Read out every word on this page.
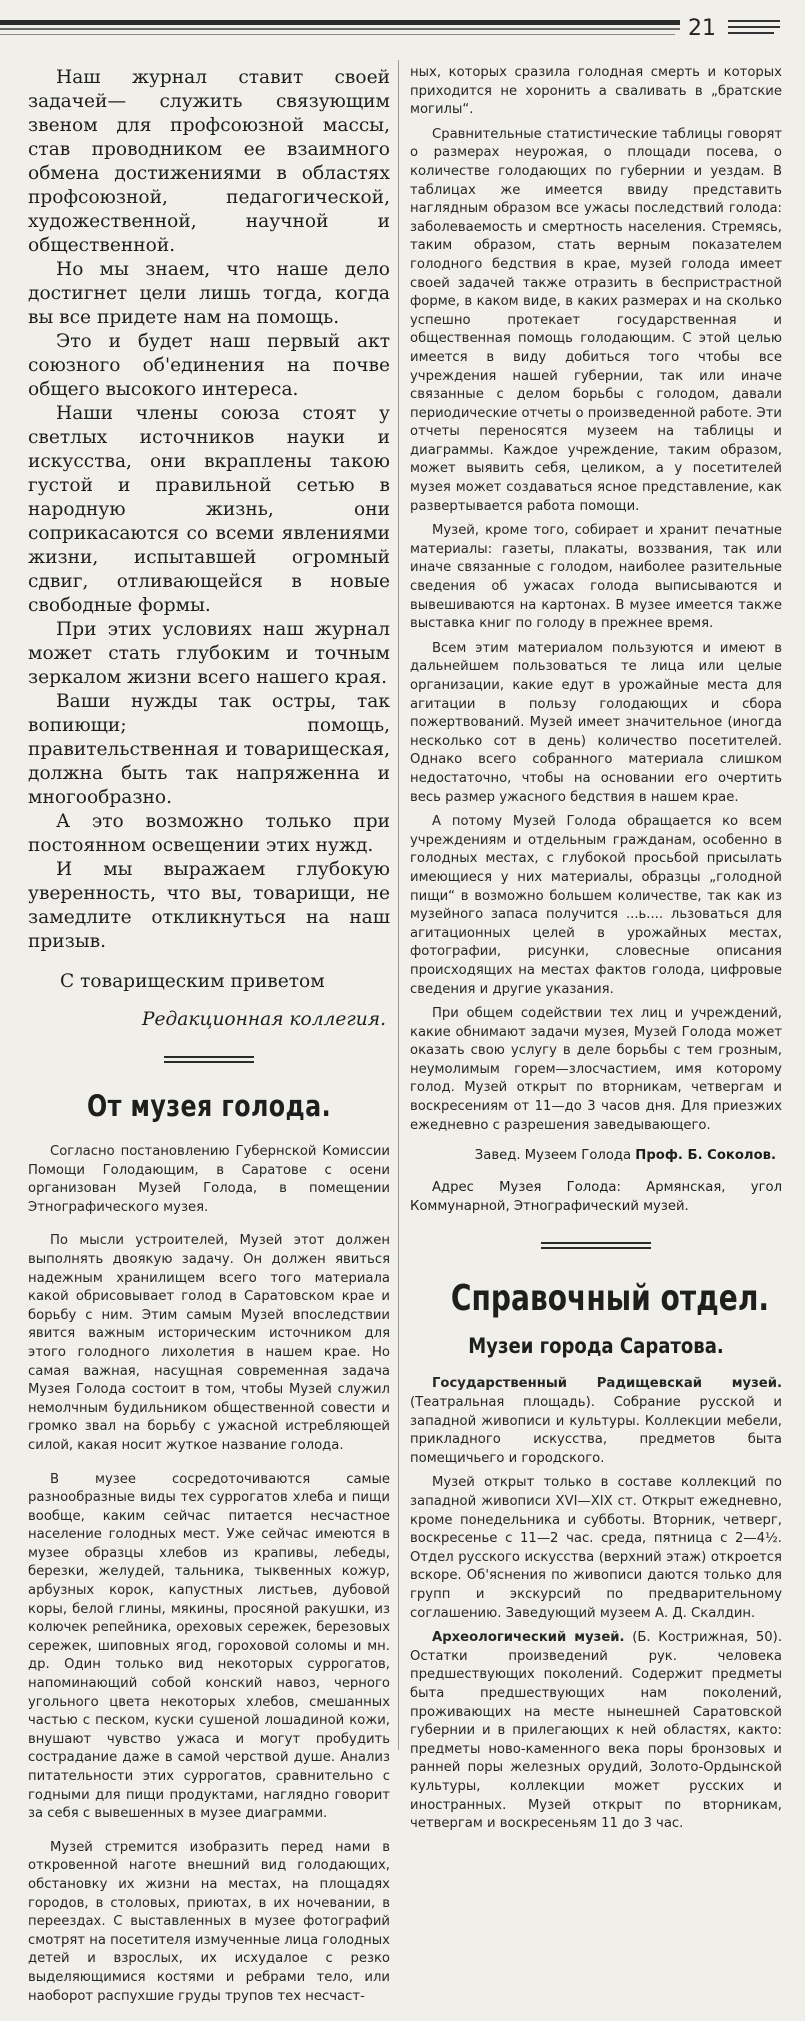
21

Наш журнал ставит своей задачей— служить связующим звеном для профсоюзной массы, став проводником ее взаимного обмена достижениями в областях профсоюзной, педагогической, художественной, научной и общественной.

Но мы знаем, что наше дело достигнет цели лишь тогда, когда вы все придете нам на помощь.

Это и будет наш первый акт союзного об'единения на почве общего высокого интереса.

Наши члены союза стоят у светлых источников науки и искусства, они вкраплены такою густой и правильной сетью в народную жизнь, они соприкасаются со всеми явлениями жизни, испытавшей огромный сдвиг, отливающейся в новые свободные формы.

При этих условиях наш журнал может стать глубоким и точным зеркалом жизни всего нашего края.

Ваши нужды так остры, так вопиющи; помощь, правительственная и товарищеская, должна быть так напряженна и многообразно.

А это возможно только при постоянном освещении этих нужд.

И мы выражаем глубокую уверенность, что вы, товарищи, не замедлите откликнуться на наш призыв.

С товарищеским приветом

Редакционная коллегия.

От музея голода.

Согласно постановлению Губернской Комиссии Помощи Голодающим, в Саратове с осени организован Музей Голода, в помещении Этнографического музея.

По мысли устроителей, Музей этот должен выполнять двоякую задачу. Он должен явиться надежным хранилищем всего того материала какой обрисовывает голод в Саратовском крае и борьбу с ним. Этим самым Музей впоследствии явится важным историческим источником для этого голодного лихолетия в нашем крае. Но самая важная, насущная современная задача Музея Голода состоит в том, чтобы Музей служил немолчным будильником общественной совести и громко звал на борьбу с ужасной истребляющей силой, какая носит жуткое название голода.

В музее сосредоточиваются самые разнообразные виды тех суррогатов хлеба и пищи вообще, каким сейчас питается несчастное население голодных мест. Уже сейчас имеются в музее образцы хлебов из крапивы, лебеды, березки, желудей, тальника, тыквенных кожур, арбузных корок, капустных листьев, дубовой коры, белой глины, мякины, просяной ракушки, из колючек репейника, ореховых сережек, березовых сережек, шиповных ягод, гороховой соломы и мн. др. Один только вид некоторых суррогатов, напоминающий собой конский навоз, черного угольного цвета некоторых хлебов, смешанных частью с песком, куски сушеной лошадиной кожи, внушают чувство ужаса и могут пробудить сострадание даже в самой черствой душе. Анализ питательности этих суррогатов, сравнительно с годными для пищи продуктами, наглядно говорит за себя с вывешенных в музее диаграмми.

Музей стремится изобразить перед нами в откровенной наготе внешний вид голодающих, обстановку их жизни на местах, на площадях городов, в столовых, приютах, в их ночевании, в переездах. С выставленных в музее фотографий смотрят на посетителя измученные лица голодных детей и взрослых, их исхудалое с резко выделяющимися костями и ребрами тело, или наоборот распухшие груды трупов тех несчаст-

ных, которых сразила голодная смерть и которых приходится не хоронить а сваливать в „братские могилы“.

Сравнительные статистические таблицы говорят о размерах неурожая, о площади посева, о количестве голодающих по губернии и уездам. В таблицах же имеется ввиду представить наглядным образом все ужасы последствий голода: заболеваемость и смертность населения. Стремясь, таким образом, стать верным показателем голодного бедствия в крае, музей голода имеет своей задачей также отразить в беспристрастной форме, в каком виде, в каких размерах и на сколько успешно протекает государственная и общественная помощь голодающим. С этой целью имеется в виду добиться того чтобы все учреждения нашей губернии, так или иначе связанные с делом борьбы с голодом, давали периодические отчеты о произведенной работе. Эти отчеты переносятся музеем на таблицы и диаграммы. Каждое учреждение, таким образом, может выявить себя, целиком, а у посетителей музея может создаваться ясное представление, как развертывается работа помощи.

Музей, кроме того, собирает и хранит печатные материалы: газеты, плакаты, воззвания, так или иначе связанные с голодом, наиболее разительные сведения об ужасах голода выписываются и вывешиваются на картонах. В музее имеется также выставка книг по голоду в прежнее время.

Всем этим материалом пользуются и имеют в дальнейшем пользоваться те лица или целые организации, какие едут в урожайные места для агитации в пользу голодающих и сбора пожертвований. Музей имеет значительное (иногда несколько сот в день) количество посетителей. Однако всего собранного материала слишком недостаточно, чтобы на основании его очертить весь размер ужасного бедствия в нашем крае.

А потому Музей Голода обращается ко всем учреждениям и отдельным гражданам, особенно в голодных местах, с глубокой просьбой присылать имеющиеся у них материалы, образцы „голодной пищи“ в возможно большем количестве, так как из музейного запаса получится ...ь.... льзоваться для агитационных целей в урожайных местах, фотографии, рисунки, словесные описания происходящих на местах фактов голода, цифровые сведения и другие указания.

При общем содействии тех лиц и учреждений, какие обнимают задачи музея, Музей Голода может оказать свою услугу в деле борьбы с тем грозным, неумолимым горем—злосчастием, имя которому голод. Музей открыт по вторникам, четвергам и воскресениям от 11—до 3 часов дня. Для приезжих ежедневно с разрешения заведывающего.

Завед. Музеем Голода Проф. Б. Соколов.

Адрес Музея Голода: Армянская, угол Коммунарной, Этнографический музей.

Справочный отдел.
Музеи города Саратова.

Государственный Радищевскай музей. (Театральная площадь). Собрание русской и западной живописи и культуры. Коллекции мебели, прикладного искусства, предметов быта помещичьего и городского.

Музей открыт только в составе коллекций по западной живописи XVI—XIX ст. Открыт ежедневно, кроме понедельника и субботы. Вторник, четверг, воскресенье с 11—2 час. среда, пятница с 2—4½. Отдел русского искусства (верхний этаж) откроется вскоре. Об'яснения по живописи даются только для групп и экскурсий по предварительному соглашению. Заведующий музеем А. Д. Скалдин.

Археологический музей. (Б. Кострижная, 50). Остатки произведений рук. человека предшествующих поколений. Содержит предметы быта предшествующих нам поколений, проживающих на месте нынешней Саратовской губернии и в прилегающих к ней областях, както: предметы ново-каменного века поры бронзовых и ранней поры железных орудий, Золото-Ордынской культуры, коллекции может русских и иностранных. Музей открыт по вторникам, четвергам и воскресеньям 11 до 3 час.
